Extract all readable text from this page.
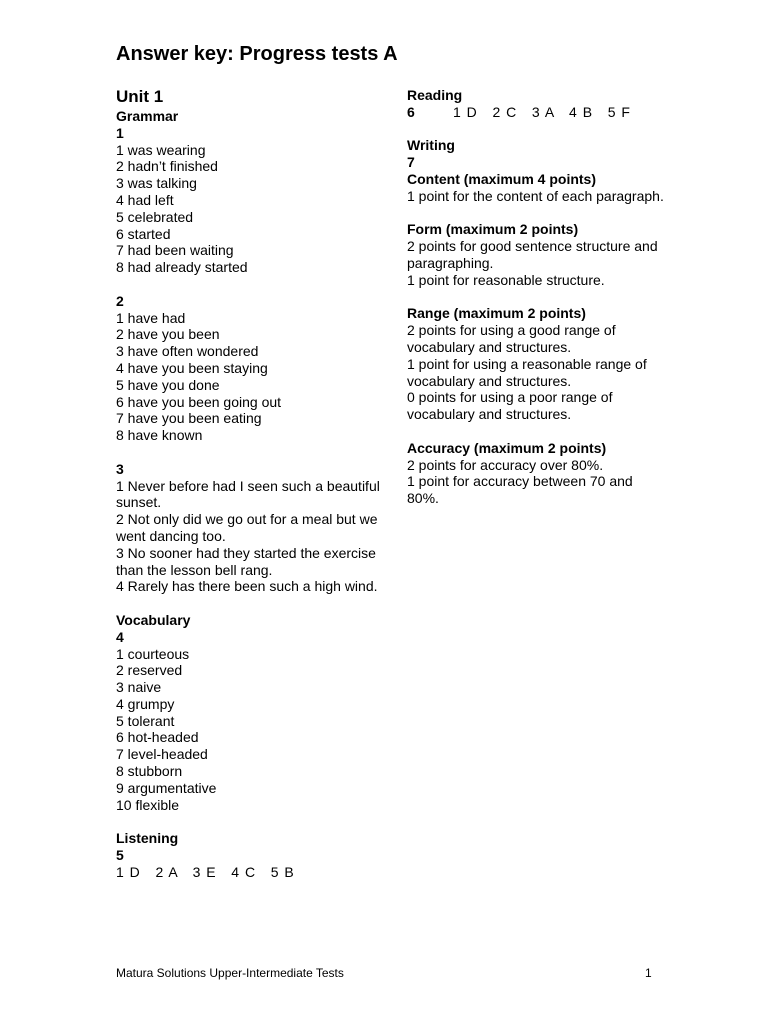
Answer key: Progress tests A

Unit 1

Grammar

1

1 was wearing
2 hadn’t finished
3 was talking
4 had left
5 celebrated
6 started
7 had been waiting
8 had already started

2

1 have had
2 have you been
3 have often wondered
4 have you been staying
5 have you done
6 have you been going out
7 have you been eating
8 have known

3

1 Never before had I seen such a beautiful sunset.
2 Not only did we go out for a meal but we went dancing too.
3 No sooner had they started the exercise than the lesson bell rang.
4 Rarely has there been such a high wind.

Vocabulary

4

1 courteous
2 reserved
3 naive
4 grumpy
5 tolerant
6 hot-headed
7 level-headed
8 stubborn
9 argumentative
10 flexible

Listening

5

1 D   2 A   3 E   4 C   5 B

Reading

6	1 D   2 C   3 A   4 B   5 F

Writing

7

Content (maximum 4 points)

1 point for the content of each paragraph.

Form (maximum 2 points)

2 points for good sentence structure and paragraphing.

1 point for reasonable structure.

Range (maximum 2 points)

2 points for using a good range of vocabulary and structures.

1 point for using a reasonable range of vocabulary and structures.

0 points for using a poor range of vocabulary and structures.

Accuracy (maximum 2 points)

2 points for accuracy over 80%.

1 point for accuracy between 70 and 80%.

Matura Solutions Upper-Intermediate Tests	1
